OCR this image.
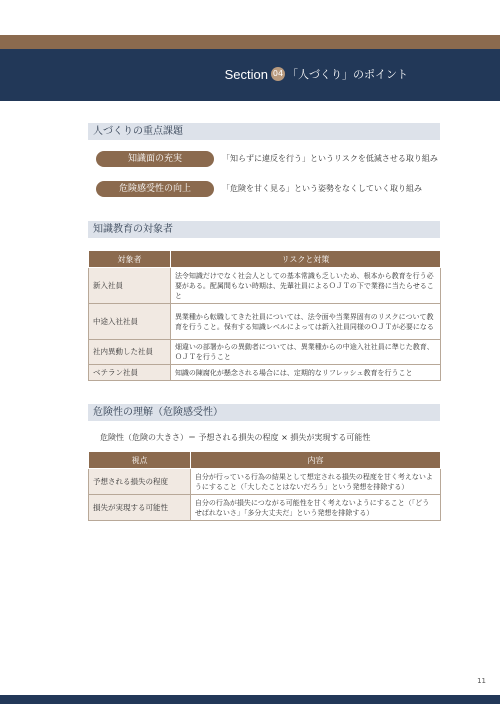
Section 04 「人づくり」のポイント
人づくりの重点課題
知識面の充実	「知らずに違反を行う」というリスクを低減させる取り組み
危険感受性の向上	「危険を甘く見る」という姿勢をなくしていく取り組み
知識教育の対象者
対象者	リスクと対策
新入社員	法令知識だけでなく社会人としての基本常識も乏しいため、根本から教育を行う必要がある。配属間もない時期は、先輩社員によるＯＪＴの下で業務に当たらせること
中途入社社員	異業種から転職してきた社員については、法令面や当業界固有のリスクについて教育を行うこと。保有する知識レベルによっては新入社員同様のＯＪＴが必要になる
社内異動した社員	畑違いの部署からの異動者については、異業種からの中途入社社員に準じた教育、ＯＪＴを行うこと
ベテラン社員	知識の陳腐化が懸念される場合には、定期的なリフレッシュ教育を行うこと
危険性の理解（危険感受性）
危険性（危険の大きさ）＝ 予想される損失の程度 × 損失が実現する可能性
視点	内容
予想される損失の程度	自分が行っている行為の結果として想定される損失の程度を甘く考えないようにすること（「大したことはないだろう」という発想を排除する）
損失が実現する可能性	自分の行為が損失につながる可能性を甘く考えないようにすること（「どうせばれないさ」「多分大丈夫だ」という発想を排除する）
11
